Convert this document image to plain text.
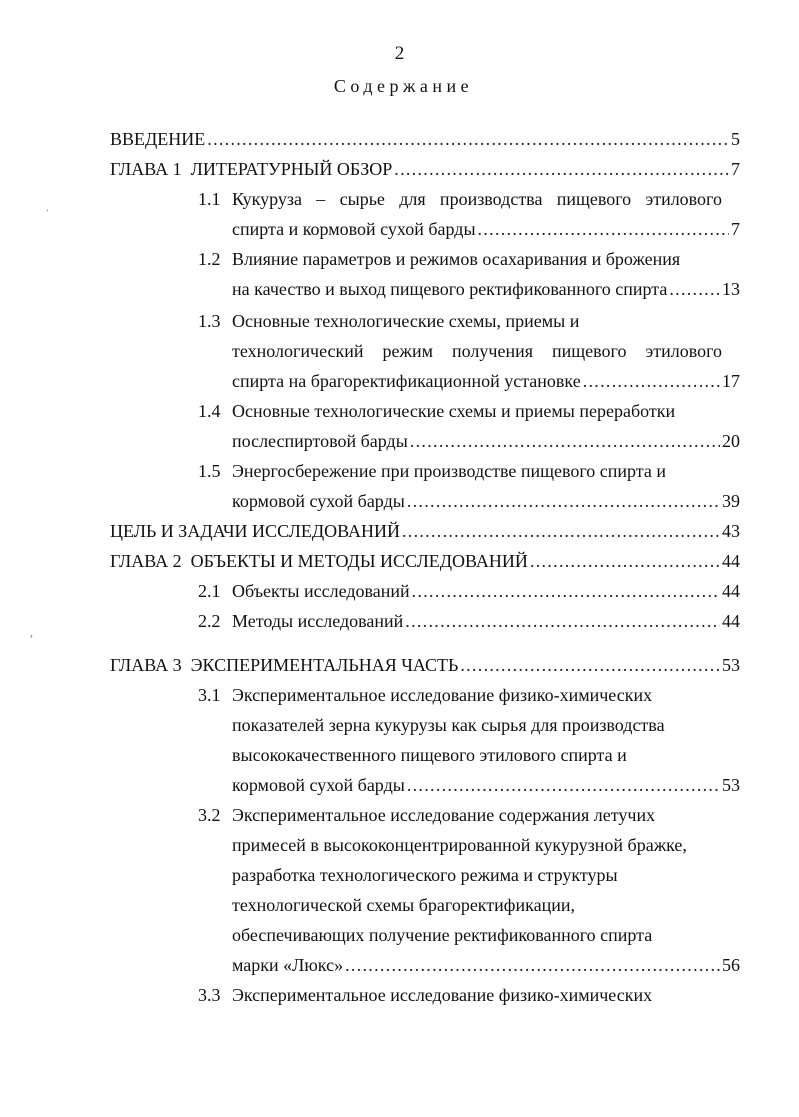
2
Содержание
.
,
ВВЕДЕНИЕ . . .	5
ГЛАВА 1  ЛИТЕРАТУРНЫЙ ОБЗОР . . .	7
1.1 Кукуруза – сырье для производства пищевого этилового
спирта и кормовой сухой барды . . .	7
1.2 Влияние параметров и режимов осахаривания и брожения
на качество и выход пищевого ректификованного спирта . . .	13
1.3 Основные технологические схемы, приемы и
технологический режим получения пищевого этилового
спирта на брагоректификационной установке . . .	17
1.4 Основные технологические схемы и приемы переработки
послеспиртовой барды . . .	20
1.5 Энергосбережение при производстве пищевого спирта и
кормовой сухой барды . . .	39
ЦЕЛЬ И ЗАДАЧИ ИССЛЕДОВАНИЙ . . .	43
ГЛАВА 2  ОБЪЕКТЫ И МЕТОДЫ ИССЛЕДОВАНИЙ . . .	44
2.1 Объекты исследований . . .	44
2.2 Методы исследований . . .	44
ГЛАВА 3  ЭКСПЕРИМЕНТАЛЬНАЯ ЧАСТЬ . . .	53
3.1 Экспериментальное исследование физико-химических
показателей зерна кукурузы как сырья для производства
высококачественного пищевого этилового спирта и
кормовой сухой барды . . .	53
3.2 Экспериментальное исследование содержания летучих
примесей в высококонцентрированной кукурузной бражке,
разработка технологического режима и структуры
технологической схемы брагоректификации,
обеспечивающих получение ректификованного спирта
марки «Люкс» . . .	56
3.3 Экспериментальное исследование физико-химических
